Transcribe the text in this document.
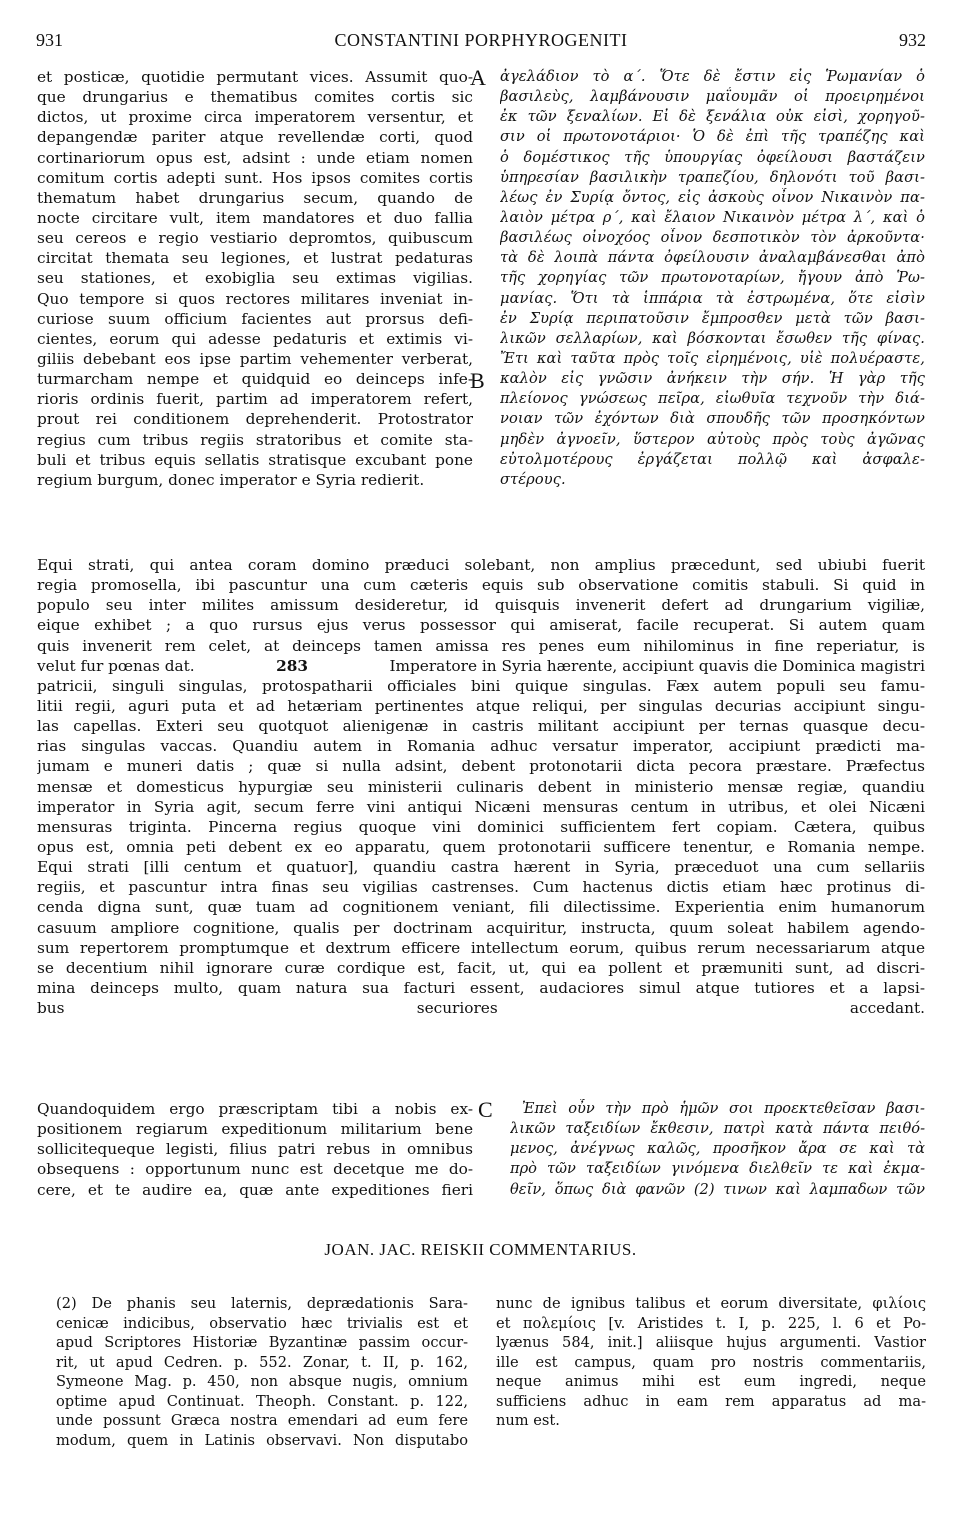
931	CONSTANTINI PORPHYROGENITI	932
et posticæ, quotidie permutant vices. Assumit quo-
que drungarius e thematibus comites cortis sic
dictos, ut proxime circa imperatorem versentur, et
depangendæ pariter atque revellendæ corti, quod
cortinariorum opus est, adsint : unde etiam nomen
comitum cortis adepti sunt. Hos ipsos comites cortis
thematum habet drungarius secum, quando de
nocte circitare vult, item mandatores et duo fallia
seu cereos e regio vestiario depromtos, quibuscum
circitat themata seu legiones, et lustrat pedaturas
seu stationes, et exobiglia seu extimas vigilias.
Quo tempore si quos rectores militares inveniat in-
curiose suum officium facientes aut prorsus defi-
cientes, eorum qui adesse pedaturis et extimis vi-
giliis debebant eos ipse partim vehementer verberat,
turmarcham nempe et quidquid eo deinceps infe-
rioris ordinis fuerit, partim ad imperatorem refert,
prout rei conditionem deprehenderit. Protostrator
regius cum tribus regiis stratoribus et comite sta-
buli et tribus equis sellatis stratisque excubant pone
regium burgum, donec imperator e Syria redierit.
A
B
ἀγελάδιον τὸ α΄. Ὅτε δὲ ἔστιν εἰς Ῥωμανίαν ὁ
βασιλεὺς, λαμβάνουσιν μαΐουμᾶν οἱ προειρημένοι
ἐκ τῶν ξεναλίων. Εἰ δὲ ξενάλια οὐκ εἰσὶ, χορηγοῦ-
σιν οἱ πρωτονοτάριοι· Ὁ δὲ ἐπὶ τῆς τραπέζης καὶ
ὁ δομέστικος τῆς ὑπουργίας ὀφείλουσι βαστάζειν
ὑπηρεσίαν βασιλικὴν τραπεζίου, δηλονότι τοῦ βασι-
λέως ἐν Συρίᾳ ὄντος, εἰς ἀσκοὺς οἶνον Νικαινὸν πα-
λαιὸν μέτρα ρ΄, καὶ ἔλαιον Νικαινὸν μέτρα λ΄, καὶ ὁ
βασιλέως οἰνοχόος οἶνον δεσποτικὸν τὸν ἀρκοῦντα·
τὰ δὲ λοιπὰ πάντα ὀφείλουσιν ἀναλαμβάνεσθαι ἀπὸ
τῆς χορηγίας τῶν πρωτονοταρίων, ἤγουν ἀπὸ Ῥω-
μανίας. Ὅτι τὰ ἱππάρια τὰ ἐστρωμένα, ὅτε εἰσὶν
ἐν Συρίᾳ περιπατοῦσιν ἔμπροσθεν μετὰ τῶν βασι-
λικῶν σελλαρίων, καὶ βόσκονται ἔσωθεν τῆς φίνας.
Ἔτι καὶ ταῦτα πρὸς τοῖς εἰρημένοις, υἱὲ πολυέραστε,
καλὸν εἰς γνῶσιν ἀνήκειν τὴν σήν. Ἡ γὰρ τῆς
πλείονος γνώσεως πεῖρα, εἰωθυῖα τεχνοῦν τὴν διά-
νοιαν τῶν ἐχόντων διὰ σπουδῆς τῶν προσηκόντων
μηδὲν ἀγνοεῖν, ὕστερον αὐτοὺς πρὸς τοὺς ἀγῶνας
εὐτολμοτέρους ἐργάζεται πολλῷ καὶ ἀσφαλε-
στέρους.
Equi strati, qui antea coram domino præduci solebant, non amplius præcedunt, sed ubiubi fuerit
regia promosella, ibi pascuntur una cum cæteris equis sub observatione comitis stabuli. Si quid in
populo seu inter milites amissum desideretur, id quisquis invenerit defert ad drungarium vigiliæ,
eique exhibet ; a quo rursus ejus verus possessor qui amiserat, facile recuperat. Si autem quam
quis invenerit rem celet, at deinceps tamen amissa res penes eum nihilominus in fine reperiatur, is
velut fur pœnas dat.	283	Imperatore in Syria hærente, accipiunt quavis die Dominica magistri
patricii, singuli singulas, protospatharii officiales bini quique singulas. Fæx autem populi seu famu-
litii regii, aguri puta et ad hetæriam pertinentes atque reliqui, per singulas decurias accipiunt singu-
las capellas. Exteri seu quotquot alienigenæ in castris militant accipiunt per ternas quasque decu-
rias singulas vaccas. Quandiu autem in Romania adhuc versatur imperator, accipiunt prædicti ma-
jumam e muneri datis ; quæ si nulla adsint, debent protonotarii dicta pecora præstare. Præfectus
mensæ et domesticus hypurgiæ seu ministerii culinaris debent in ministerio mensæ regiæ, quandiu
imperator in Syria agit, secum ferre vini antiqui Nicæni mensuras centum in utribus, et olei Nicæni
mensuras triginta. Pincerna regius quoque vini dominici sufficientem fert copiam. Cætera, quibus
opus est, omnia peti debent ex eo apparatu, quem protonotarii sufficere tenentur, e Romania nempe.
Equi strati [illi centum et quatuor], quandiu castra hærent in Syria, præceduot una cum sellariis
regiis, et pascuntur intra finas seu vigilias castrenses. Cum hactenus dictis etiam hæc protinus di-
cenda digna sunt, quæ tuam ad cognitionem veniant, fili dilectissime. Experientia enim humanorum
casuum ampliore cognitione, qualis per doctrinam acquiritur, instructa, quum soleat habilem agendo-
sum repertorem promptumque et dextrum efficere intellectum eorum, quibus rerum necessariarum atque
se decentium nihil ignorare curæ cordique est, facit, ut, qui ea pollent et præmuniti sunt, ad discri-
mina deinceps multo, quam natura sua facturi essent, audaciores simul atque tutiores et a lapsi-
bus securiores accedant.
Quandoquidem ergo præscriptam tibi a nobis ex-
positionem regiarum expeditionum militarium bene
sollicitequeque legisti, filius patri rebus in omnibus
obsequens : opportunum nunc est decetque me do-
cere, et te audire ea, quæ ante expeditiones fieri
C	Ἐπεὶ οὖν τὴν πρὸ ἡμῶν σοι προεκτεθεῖσαν βασι-
λικῶν ταξειδίων ἔκθεσιν, πατρὶ κατὰ πάντα πειθό-
μενος, ἀνέγνως καλῶς, προσῆκον ἄρα σε καὶ τὰ
πρὸ τῶν ταξειδίων γινόμενα διελθεῖν τε καὶ ἐκμα-
θεῖν, ὅπως διὰ φανῶν (2) τινων καὶ λαμπαδων τῶν
JOAN. JAC. REISKII COMMENTARIUS.
(2) De phanis seu laternis, deprædationis Sara-
cenicæ indicibus, observatio hæc trivialis est et
apud Scriptores Historiæ Byzantinæ passim occur-
rit, ut apud Cedren. p. 552. Zonar, t. II, p. 162,
Symeone Mag. p. 450, non absque nugis, omnium
optime apud Continuat. Theoph. Constant. p. 122,
unde possunt Græca nostra emendari ad eum fere
modum, quem in Latinis observavi. Non disputabo
nunc de ignibus talibus et eorum diversitate, φιλίοις
et πολεμίοις [v. Aristides t. I, p. 225, l. 6 et Po-
lyænus 584, init.] aliisque hujus argumenti. Vastior
ille est campus, quam pro nostris commentariis,
neque animus mihi est eum ingredi, neque
sufficiens adhuc in eam rem apparatus ad ma-
num est.
